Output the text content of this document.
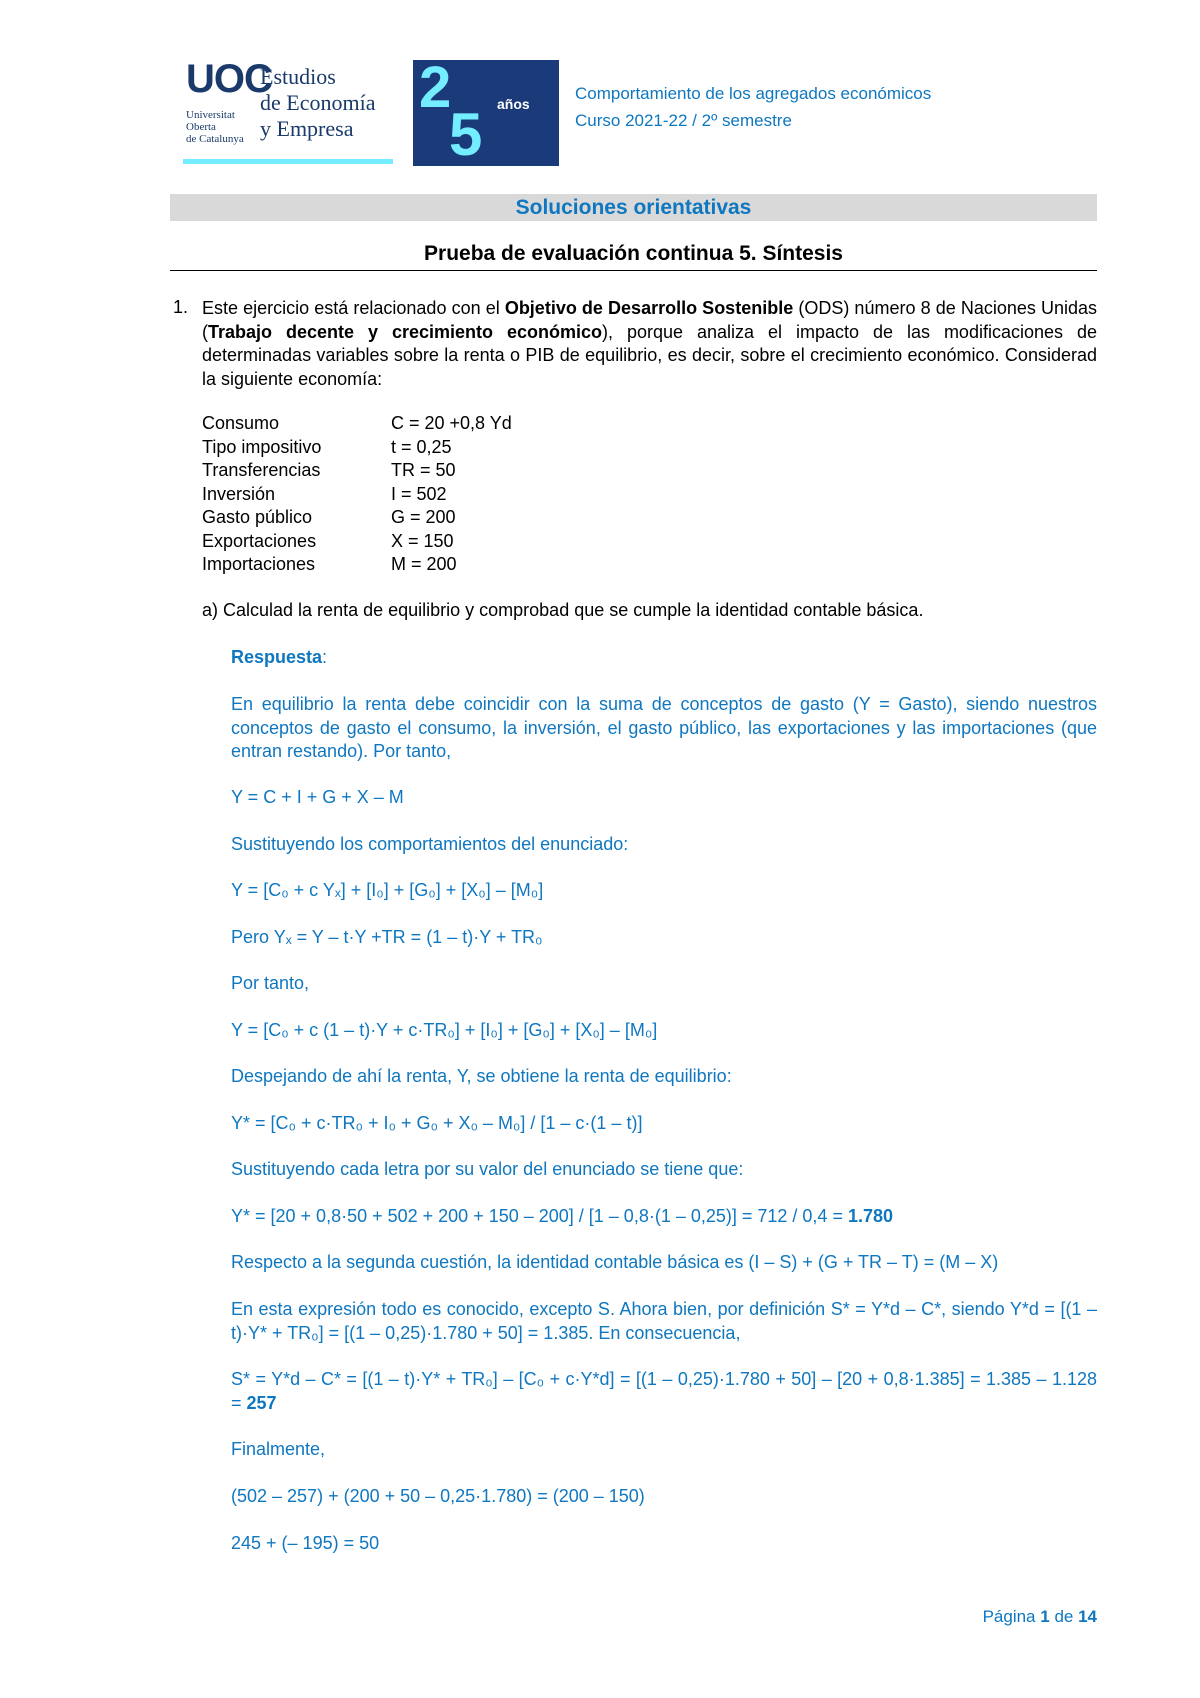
UOC
Universitat
Oberta
de Catalunya
Estudios
de Economía
y Empresa
2
5 años
Comportamiento de los agregados económicos
Curso 2021-22 / 2º semestre
Soluciones orientativas
Prueba de evaluación continua 5. Síntesis
1. Este ejercicio está relacionado con el Objetivo de Desarrollo Sostenible (ODS) número 8 de Naciones Unidas (Trabajo decente y crecimiento económico), porque analiza el impacto de las modificaciones de determinadas variables sobre la renta o PIB de equilibrio, es decir, sobre el crecimiento económico. Considerad la siguiente economía:

Consumo	C = 20 +0,8 Yd
Tipo impositivo	t = 0,25
Transferencias	TR = 50
Inversión	I = 502
Gasto público	G = 200
Exportaciones	X = 150
Importaciones	M = 200

a) Calculad la renta de equilibrio y comprobad que se cumple la identidad contable básica.

Respuesta:

En equilibrio la renta debe coincidir con la suma de conceptos de gasto (Y = Gasto), siendo nuestros conceptos de gasto el consumo, la inversión, el gasto público, las exportaciones y las importaciones (que entran restando). Por tanto,

Y = C + I + G + X – M

Sustituyendo los comportamientos del enunciado:

Y = [C₀ + c Yₓ] + [I₀] + [G₀] + [X₀] – [M₀]

Pero Yₓ = Y – t·Y +TR = (1 – t)·Y + TR₀

Por tanto,

Y = [C₀ + c (1 – t)·Y + c·TR₀] + [I₀] + [G₀] + [X₀] – [M₀]

Despejando de ahí la renta, Y, se obtiene la renta de equilibrio:

Y* = [C₀ + c·TR₀ + I₀ + G₀ + X₀ – M₀] / [1 – c·(1 – t)]

Sustituyendo cada letra por su valor del enunciado se tiene que:

Y* = [20 + 0,8·50 + 502 + 200 + 150 – 200] / [1 – 0,8·(1 – 0,25)] = 712 / 0,4 = 1.780

Respecto a la segunda cuestión, la identidad contable básica es (I – S) + (G + TR – T) = (M – X)

En esta expresión todo es conocido, excepto S. Ahora bien, por definición S* = Y*d – C*, siendo Y*d = [(1 – t)·Y* + TR₀] = [(1 – 0,25)·1.780 + 50] = 1.385. En consecuencia,

S* = Y*d – C* = [(1 – t)·Y* + TR₀] – [C₀ + c·Y*d] = [(1 – 0,25)·1.780 + 50] – [20 + 0,8·1.385] = 1.385 – 1.128 = 257

Finalmente,

(502 – 257) + (200 + 50 – 0,25·1.780) = (200 – 150)

245 + (– 195) = 50

Página 1 de 14
